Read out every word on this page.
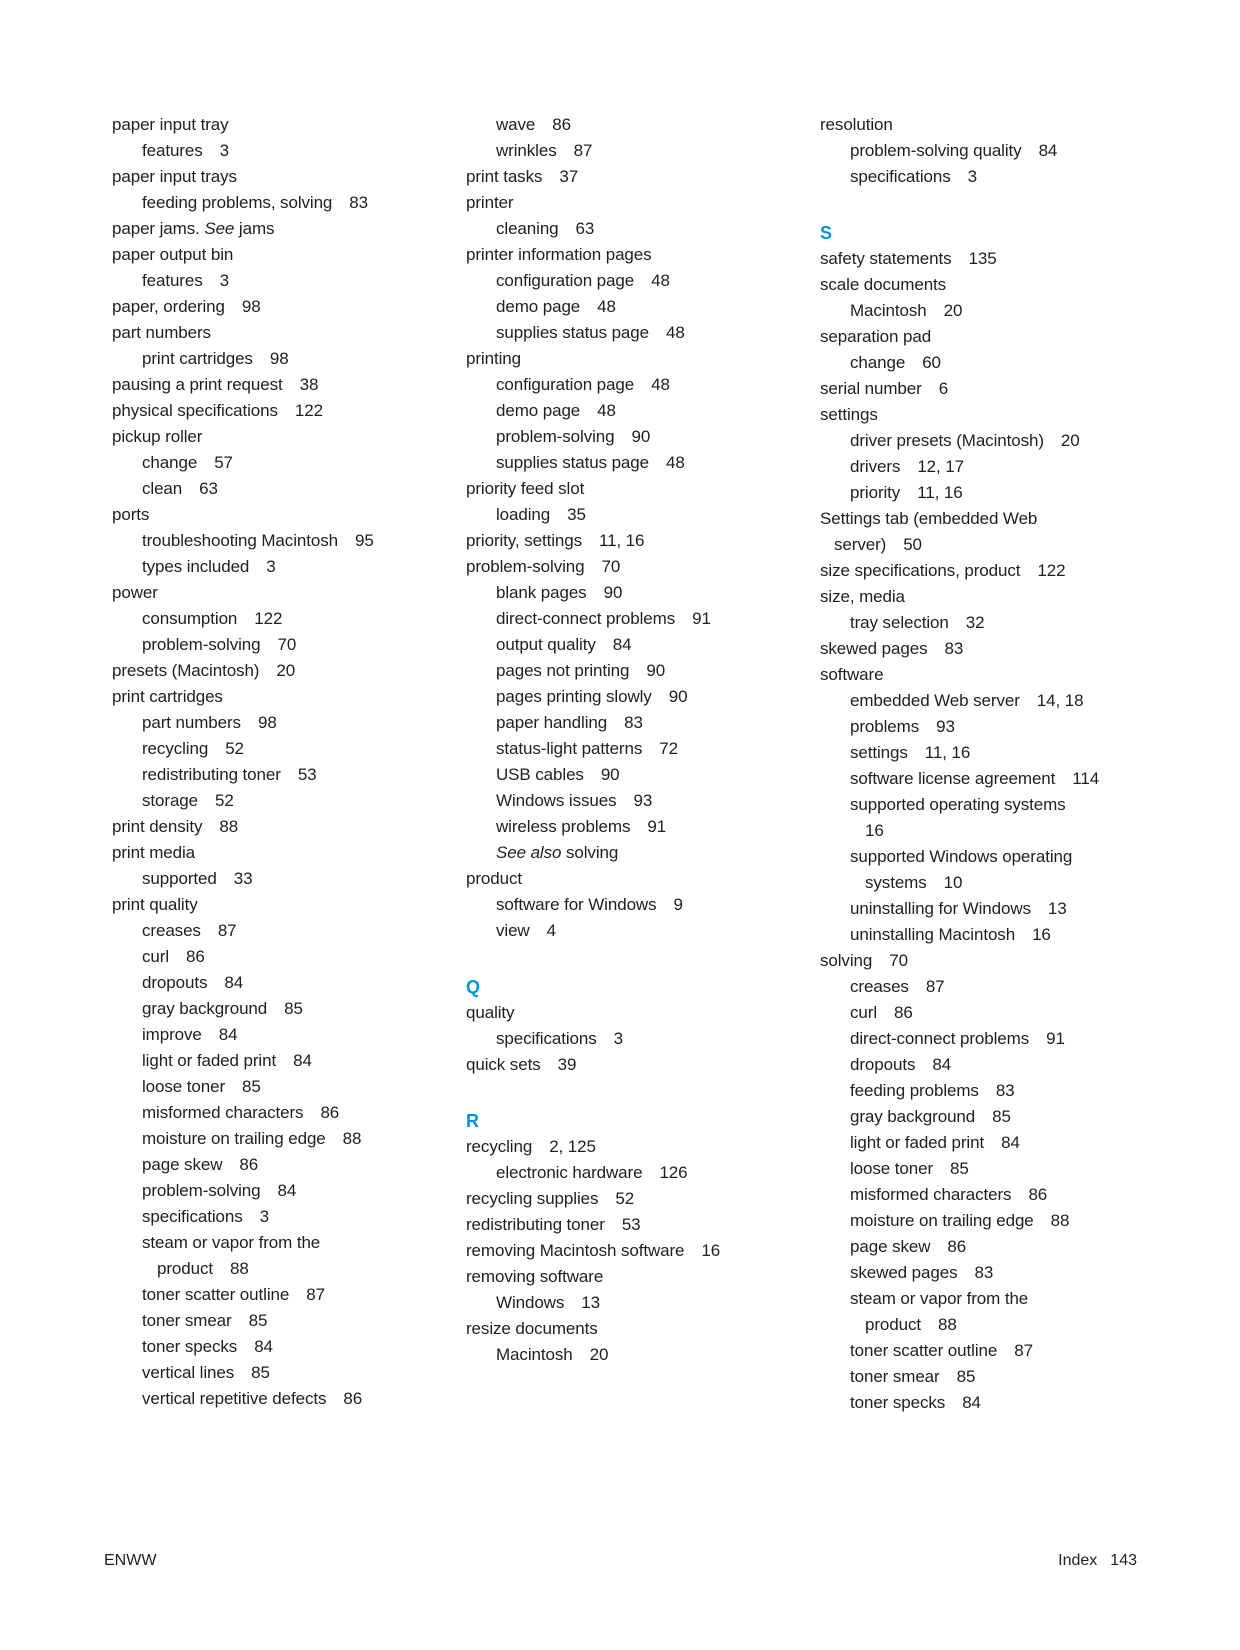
paper input tray
features 3
paper input trays
feeding problems, solving 83
paper jams. See jams
paper output bin
features 3
paper, ordering 98
part numbers
print cartridges 98
pausing a print request 38
physical specifications 122
pickup roller
change 57
clean 63
ports
troubleshooting Macintosh 95
types included 3
power
consumption 122
problem-solving 70
presets (Macintosh) 20
print cartridges
part numbers 98
recycling 52
redistributing toner 53
storage 52
print density 88
print media
supported 33
print quality
creases 87
curl 86
dropouts 84
gray background 85
improve 84
light or faded print 84
loose toner 85
misformed characters 86
moisture on trailing edge 88
page skew 86
problem-solving 84
specifications 3
steam or vapor from the
product 88
toner scatter outline 87
toner smear 85
toner specks 84
vertical lines 85
vertical repetitive defects 86
wave 86
wrinkles 87
print tasks 37
printer
cleaning 63
printer information pages
configuration page 48
demo page 48
supplies status page 48
printing
configuration page 48
demo page 48
problem-solving 90
supplies status page 48
priority feed slot
loading 35
priority, settings 11, 16
problem-solving 70
blank pages 90
direct-connect problems 91
output quality 84
pages not printing 90
pages printing slowly 90
paper handling 83
status-light patterns 72
USB cables 90
Windows issues 93
wireless problems 91
See also solving
product
software for Windows 9
view 4
Q
quality
specifications 3
quick sets 39
R
recycling 2, 125
electronic hardware 126
recycling supplies 52
redistributing toner 53
removing Macintosh software 16
removing software
Windows 13
resize documents
Macintosh 20
resolution
problem-solving quality 84
specifications 3
S
safety statements 135
scale documents
Macintosh 20
separation pad
change 60
serial number 6
settings
driver presets (Macintosh) 20
drivers 12, 17
priority 11, 16
Settings tab (embedded Web
server) 50
size specifications, product 122
size, media
tray selection 32
skewed pages 83
software
embedded Web server 14, 18
problems 93
settings 11, 16
software license agreement 114
supported operating systems
16
supported Windows operating
systems 10
uninstalling for Windows 13
uninstalling Macintosh 16
solving 70
creases 87
curl 86
direct-connect problems 91
dropouts 84
feeding problems 83
gray background 85
light or faded print 84
loose toner 85
misformed characters 86
moisture on trailing edge 88
page skew 86
skewed pages 83
steam or vapor from the
product 88
toner scatter outline 87
toner smear 85
toner specks 84
ENWW	Index 143
